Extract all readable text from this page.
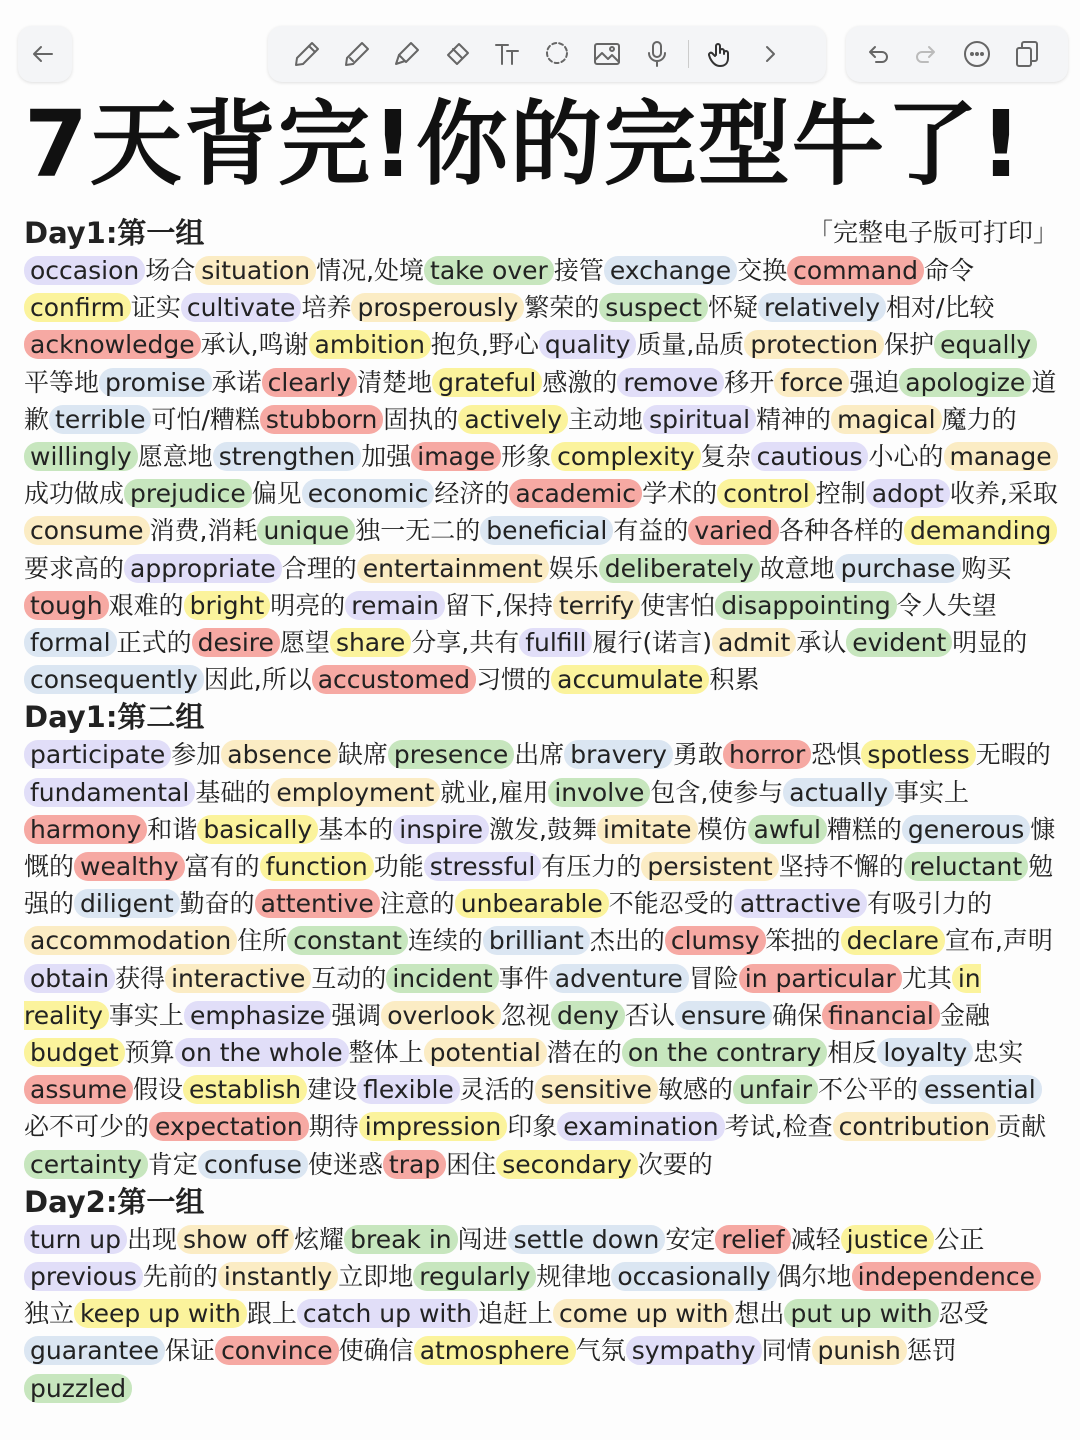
7天背完!你的完型牛了!
Day1:第一组	「完整电子版可打印」
occasion 场合 situation 情况,处境 take over 接管 exchange 交换 command 命令confirm 证实 cultivate 培养 prosperously 繁荣的 suspect 怀疑 relatively 相对/比较acknowledge 承认,鸣谢 ambition 抱负,野心 quality 质量,品质 protection 保护 equally平等地 promise 承诺 clearly 清楚地 grateful 感激的 remove 移开 force 强迫 apologize 道歉 terrible 可怕/糟糕 stubborn 固执的 actively 主动地 spiritual 精神的 magical 魔力的willingly 愿意地 strengthen 加强 image 形象 complexity 复杂 cautious 小心的 manage成功做成 prejudice 偏见 economic 经济的 academic 学术的 control 控制 adopt 收养,采取consume 消费,消耗 unique 独一无二的 beneficial 有益的 varied 各种各样的 demanding要求高的 appropriate 合理的 entertainment 娱乐 deliberately 故意地 purchase 购买tough 艰难的 bright 明亮的 remain 留下,保持 terrify 使害怕 disappointing 令人失望formal 正式的 desire 愿望 share 分享,共有 fulfill 履行(诺言) admit 承认 evident 明显的consequently 因此,所以 accustomed 习惯的 accumulate 积累
Day1:第二组
participate 参加 absence 缺席 presence 出席 bravery 勇敢 horror 恐惧 spotless 无暇的fundamental 基础的 employment 就业,雇用 involve 包含,使参与 actually 事实上harmony 和谐 basically 基本的 inspire 激发,鼓舞 imitate 模仿 awful 糟糕的 generous 慷慨的 wealthy 富有的 function 功能 stressful 有压力的 persistent 坚持不懈的 reluctant 勉强的 diligent 勤奋的 attentive 注意的 unbearable 不能忍受的 attractive 有吸引力的accommodation 住所 constant 连续的 brilliant 杰出的 clumsy 笨拙的 declare 宣布,声明obtain 获得 interactive 互动的 incident 事件 adventure 冒险 in particular 尤其 in reality 事实上 emphasize 强调 overlook 忽视 deny 否认 ensure 确保 financial 金融budget 预算 on the whole 整体上 potential 潜在的 on the contrary 相反 loyalty 忠实assume 假设 establish 建设 flexible 灵活的 sensitive 敏感的 unfair 不公平的 essential必不可少的 expectation 期待 impression 印象 examination 考试,检查 contribution 贡献certainty 肯定 confuse 使迷惑 trap 困住 secondary 次要的
Day2:第一组
turn up 出现 show off 炫耀 break in 闯进 settle down 安定 relief 减轻 justice 公正previous 先前的 instantly 立即地 regularly 规律地 occasionally 偶尔地 independence独立 keep up with 跟上 catch up with 追赶上 come up with 想出 put up with 忍受guarantee 保证 convince 使确信 atmosphere 气氛 sympathy 同情 punish 惩罚puzzled
